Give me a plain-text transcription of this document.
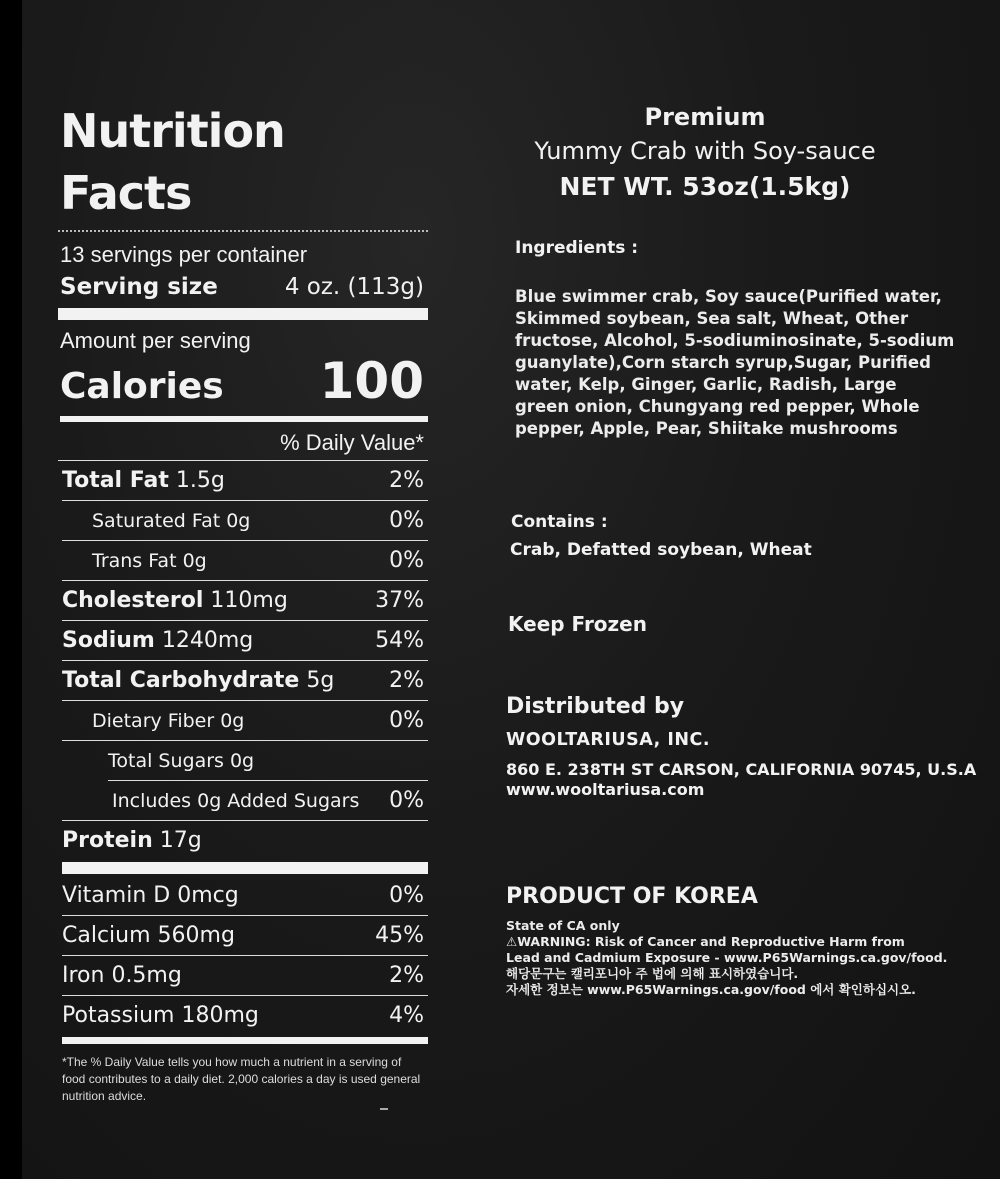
Nutrition Facts
13 servings per container
Serving size	4 oz. (113g)
Amount per serving
Calories 100
% Daily Value*
Total Fat 1.5g	2%
Saturated Fat 0g	0%
Trans Fat 0g	0%
Cholesterol 110mg	37%
Sodium 1240mg	54%
Total Carbohydrate 5g 2%
Dietary Fiber 0g	0%
Total Sugars 0g
Includes 0g Added Sugars 0%
Protein 17g
Vitamin D 0mcg	0%
Calcium 560mg	45%
Iron 0.5mg	2%
Potassium 180mg	4%
*The % Daily Value tells you how much a nutrient in a serving of food contributes to a daily diet. 2,000 calories a day is used general nutrition advice.
Premium
Yummy Crab with Soy-sauce
NET WT. 53oz(1.5kg)
Ingredients :
Blue swimmer crab, Soy sauce(Purified water, Skimmed soybean, Sea salt, Wheat, Other fructose, Alcohol, 5-sodiuminosinate, 5-sodium guanylate),Corn starch syrup,Sugar, Purified water, Kelp, Ginger, Garlic, Radish, Large green onion, Chungyang red pepper, Whole pepper, Apple, Pear, Shiitake mushrooms
Contains :
Crab, Defatted soybean, Wheat
Keep Frozen
Distributed by
WOOLTARIUSA, INC.
860 E. 238TH ST CARSON, CALIFORNIA 90745, U.S.A
www.wooltariusa.com
PRODUCT OF KOREA
State of CA only
⚠WARNING: Risk of Cancer and Reproductive Harm from
Lead and Cadmium Exposure - www.P65Warnings.ca.gov/food.
해당문구는 캘리포니아 주 법에 의해 표시하였습니다.
자세한 정보는 www.P65Warnings.ca.gov/food 에서 확인하십시오.
